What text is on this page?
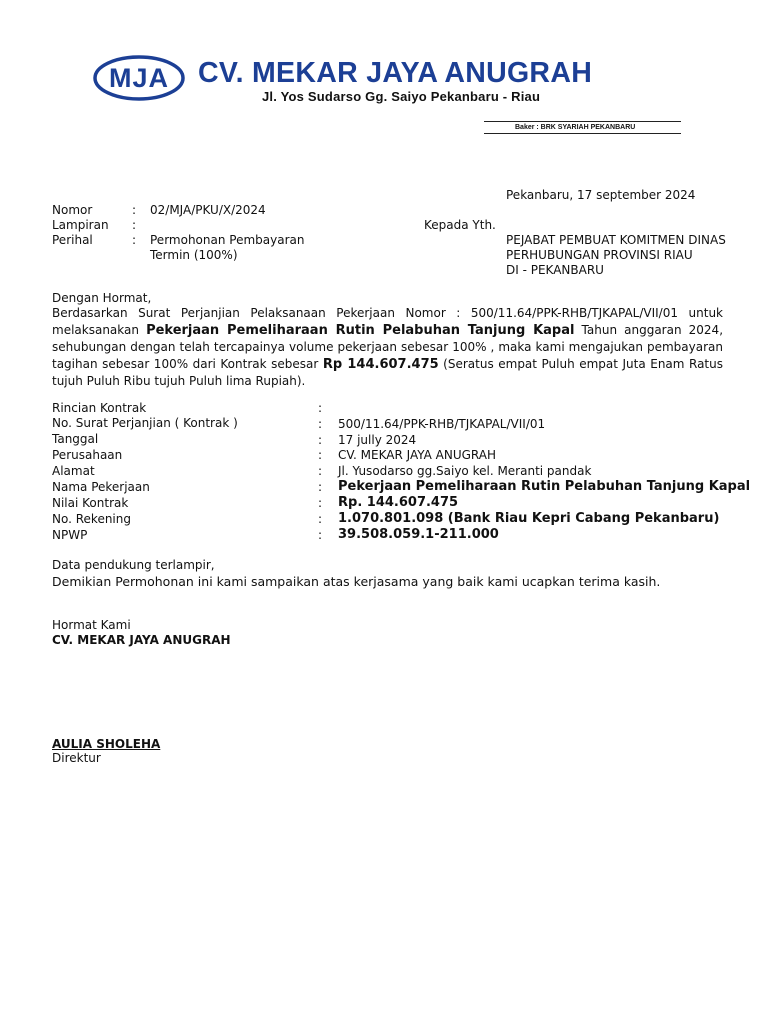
MJA CV. MEKAR JAYA ANUGRAH
Jl. Yos Sudarso Gg. Saiyo Pekanbaru - Riau
Baker : BRK SYARIAH PEKANBARU
Pekanbaru, 17 september 2024
Nomor	: 02/MJA/PKU/X/2024
Lampiran :
Perihal	: Permohonan Pembayaran
Termin (100%)
Kepada Yth.
PEJABAT PEMBUAT KOMITMEN DINAS
PERHUBUNGAN PROVINSI RIAU
DI - PEKANBARU
Dengan Hormat,
Berdasarkan Surat Perjanjian Pelaksanaan Pekerjaan Nomor : 500/11.64/PPK-RHB/TJKAPAL/VII/01 untuk melaksanakan Pekerjaan Pemeliharaan Rutin Pelabuhan Tanjung Kapal Tahun anggaran 2024, sehubungan dengan telah tercapainya volume pekerjaan sebesar 100% , maka kami mengajukan pembayaran tagihan sebesar 100% dari Kontrak sebesar Rp 144.607.475 (Seratus empat Puluh empat Juta Enam Ratus tujuh Puluh Ribu tujuh Puluh lima Rupiah).
Rincian Kontrak	:
No. Surat Perjanjian ( Kontrak )	: 500/11.64/PPK-RHB/TJKAPAL/VII/01
Tanggal	: 17 jully 2024
Perusahaan	: CV. MEKAR JAYA ANUGRAH
Alamat	: Jl. Yusodarso gg.Saiyo kel. Meranti pandak
Nama Pekerjaan	: Pekerjaan Pemeliharaan Rutin Pelabuhan Tanjung Kapal
Nilai Kontrak	: Rp. 144.607.475
No. Rekening	: 1.070.801.098 (Bank Riau Kepri Cabang Pekanbaru)
NPWP	: 39.508.059.1-211.000
Data pendukung terlampir,
Demikian Permohonan ini kami sampaikan atas kerjasama yang baik kami ucapkan terima kasih.
Hormat Kami
CV. MEKAR JAYA ANUGRAH
AULIA SHOLEHA
Direktur
